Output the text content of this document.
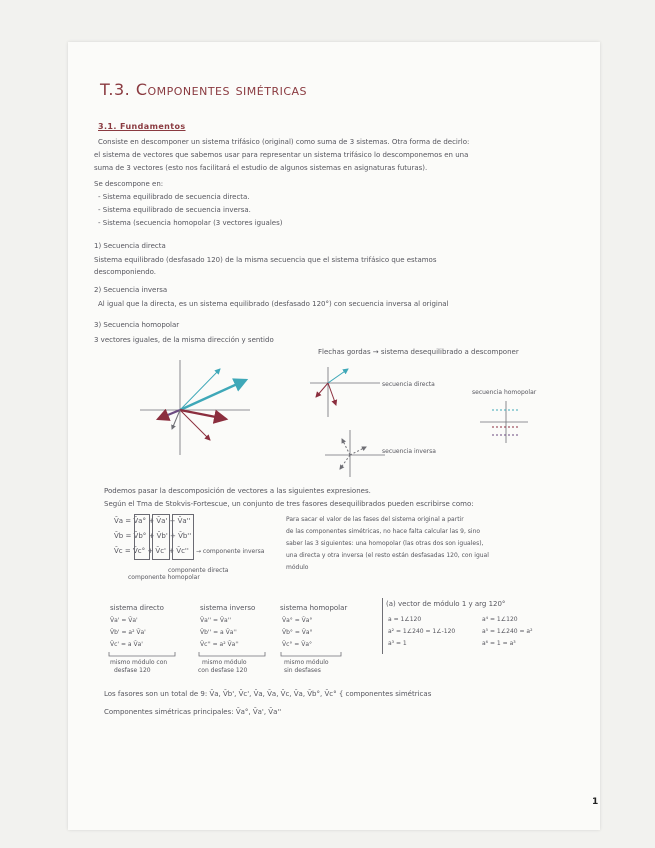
T.3. Componentes simétricas
3.1. Fundamentos
Consiste en descomponer un sistema trifásico (original) como suma de 3 sistemas. Otra forma de decirlo:
el sistema de vectores que sabemos usar para representar un sistema trifásico lo descomponemos en una
suma de 3 vectores (esto nos facilitará el estudio de algunos sistemas en asignaturas futuras).
Se descompone en:
- Sistema equilibrado de secuencia directa.
- Sistema equilibrado de secuencia inversa.
- Sistema (secuencia homopolar (3 vectores iguales)
1) Secuencia directa
Sistema equilibrado (desfasado 120) de la misma secuencia que el sistema trifásico que estamos
descomponiendo.
2) Secuencia inversa
Al igual que la directa, es un sistema equilibrado (desfasado 120°) con secuencia inversa al original
3) Secuencia homopolar
3 vectores iguales, de la misma dirección y sentido
Flechas gordas → sistema desequilibrado a descomponer
secuencia directa
secuencia homopolar
secuencia inversa
Podemos pasar la descomposición de vectores a las siguientes expresiones.
Según el Tma de Stokvis-Fortescue, un conjunto de tres fasores desequilibrados pueden escribirse como:
V̄a = V̄a° + V̄a' + V̄a''
V̄b = V̄b° + V̄b' + V̄b''
V̄c = V̄c° + V̄c' + V̄c'' → componente inversa
componente homopolar
componente directa
Para sacar el valor de las fases del sistema original a partir
de las componentes simétricas, no hace falta calcular las 9, sino
saber las 3 siguientes: una homopolar (las otras dos son iguales),
una directa y otra inversa (el resto están desfasadas 120, con igual
módulo
sistema directo
V̄a' = V̄a'
V̄b' = a² V̄a'
V̄c' = a V̄a'
mismo módulo con
desfase 120
sistema inverso
V̄a'' = V̄a''
V̄b'' = a V̄a''
V̄c'' = a² V̄a''
mismo módulo
con desfase 120
sistema homopolar
V̄a° = V̄a°
V̄b° = V̄a°
V̄c° = V̄a°
mismo módulo
sin desfases
(a) vector de módulo 1 y arg 120°
a = 1∠120
a² = 1∠240 = 1∠-120
a³ = 1
a⁴ = 1∠120
a⁵ = 1∠240 = a²
a⁶ = 1 = a³
Los fasores son un total de 9: V̄a, V̄b', V̄c', V̄a, V̄a, V̄c, V̄a, V̄b°, V̄c° { componentes simétricas
Componentes simétricas principales: V̄a°, V̄a', V̄a''
1
